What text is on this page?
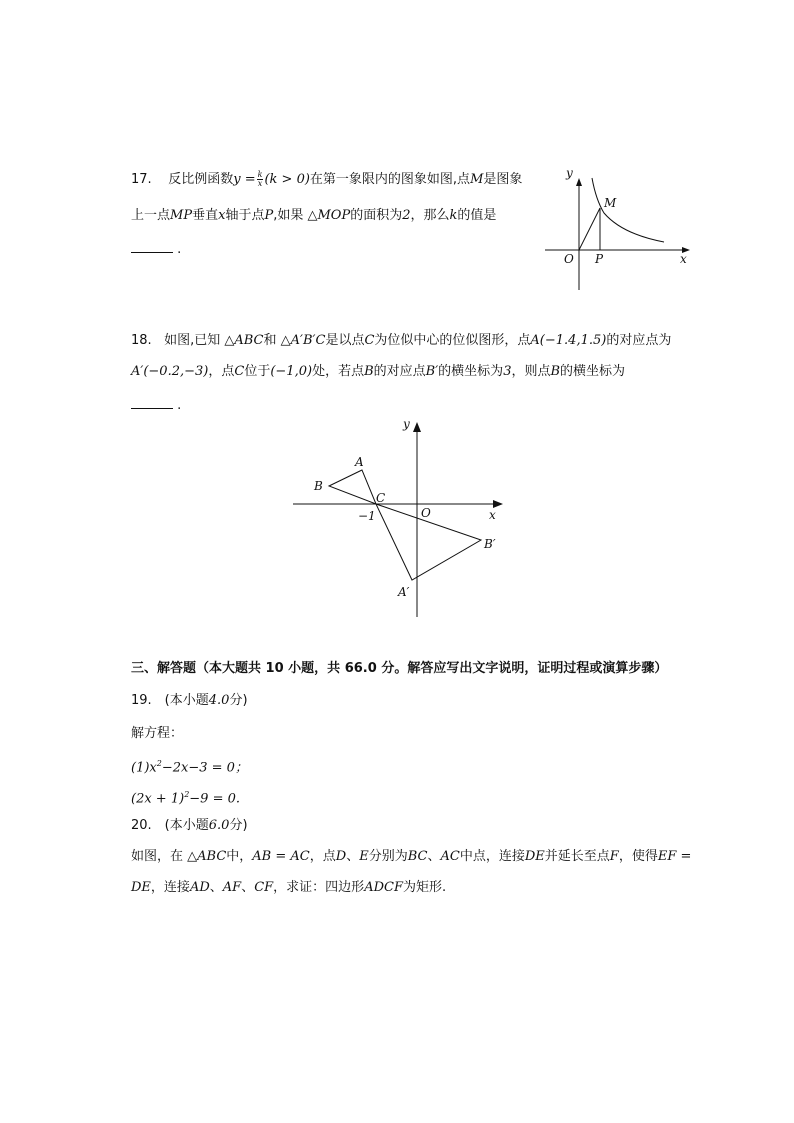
17. 反比例函数$y = \frac{k}{x} (k > 0)$在第一象限内的图象如图,点M是图象
上一点MP垂直x轴于点P,如果 △MOP的面积为2，那么k的值是
.
y
x
O P
M
18. 如图,已知 △ABC和 △A′B′C是以点C为位似中心的位似图形，点A(−1.4,1.5)的对应点为
A′(−0.2,−3)，点C位于(−1,0)处，若点B的对应点B′的横坐标为3，则点B的横坐标为
.
y
x
O
A
B
C
−1
A′
B′
三、解答题（本大题共 10 小题，共 66.0 分。解答应写出文字说明，证明过程或演算步骤）
19.　(本小题4.0分)
解方程：
$(1)x^2-2x-3 = 0$；
$(2x + 1)^2-9 = 0$.
20.　(本小题6.0分)
如图，在 △ABC中，AB = AC，点D、E分别为BC、AC中点，连接DE并延长至点F，使得EF =
DE，连接AD、AF、CF，求证：四边形ADCF为矩形.
